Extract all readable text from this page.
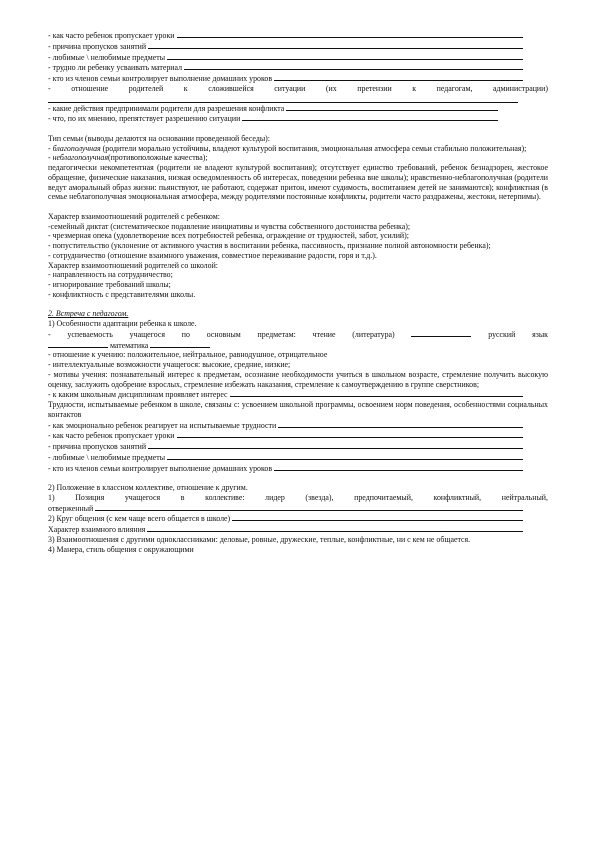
- как часто ребенок пропускает уроки
- причина пропусков занятий
- любимые \ нелюбимые предметы
- трудно ли ребенку усваивать материал
- кто из членов семьи контролирует выполнение домашних уроков
- отношение родителей к сложившейся ситуации (их претензии к педагогам, администрации)
- какие действия предпринимали родители для разрешения конфликта
- что, по их мнению, препятствует разрешению ситуации
Тип семьи (выводы делаются на основании проведенной беседы):
- благополучная (родители морально устойчивы, владеют культурой воспитания, эмоциональная атмосфера семьи стабильно положительная);
- неблагополучная(противоположные качества);
педагогически некомпетентная (родители не владеют культурой воспитания); отсутствует единство требований, ребенок безнадзорен, жестокое обращение, физические наказания, низкая осведомленность об интересах, поведении ребенка вне школы); нравственно-неблагополучная (родители ведут аморальный образ жизни: пьянствуют, не работают, содержат притон, имеют судимость, воспитанием детей не занимаются); конфликтная (в семье неблагополучная эмоциональная атмосфера, между родителями постоянные конфликты, родители часто раздражены, жестоки, нетерпимы).
Характер взаимоотношений родителей с ребенком:
-семейный диктат (систематическое подавление инициативы и чувства собственного достоинства ребенка);
- чрезмерная опека (удовлетворение всех потребностей ребенка, ограждение от трудностей, забот, усилий);
- попустительство (уклонение от активного участия в воспитании ребенка, пассивность, признание полной автономности ребенка);
- сотрудничество (отношение взаимного уважения, совместное переживание радости, горя и т.д.).
Характер взаимоотношений родителей со школой:
- направленность на сотрудничество;
- игнорирование требований школы;
- конфликтность с представителями школы.
2. Встреча с педагогом.
1) Особенности адаптации ребенка к школе.
- успеваемость учащегося по основным предметам: чтение (литература)	русский язык
математика
- отношение к учению: положительное, нейтральное, равнодушное, отрицательное
- интеллектуальные возможности учащегося: высокие, средние, низкие;
- мотивы учения: познавательный интерес к предметам, осознание необходимости учиться в школьном возрасте, стремление получить высокую оценку, заслужить одобрение взрослых, стремление избежать наказания, стремление к самоутверждению в группе сверстников;
- к каким школьным дисциплинам проявляет интерес
Трудности, испытываемые ребенком в школе, связаны с: усвоением школьной программы, освоением норм поведения, особенностями социальных контактов
- как эмоционально ребенок реагирует на испытываемые трудности
- как часто ребенок пропускает уроки
- причина пропусков занятий
- любимые \ нелюбимые предметы
- кто из членов семьи контролирует выполнение домашних уроков
2) Положение в классном коллективе, отношение к другим.
1) Позиция учащегося в коллективе: лидер (звезда), предпочитаемый, конфликтный, нейтральный,
отверженный
2) Круг общения (с кем чаще всего общается в школе)
Характер взаимного влияния
3) Взаимоотношения с другими одноклассниками: деловые, ровные, дружеские, теплые, конфликтные, ни с кем не общается.
4) Манера, стиль общения с окружающими
